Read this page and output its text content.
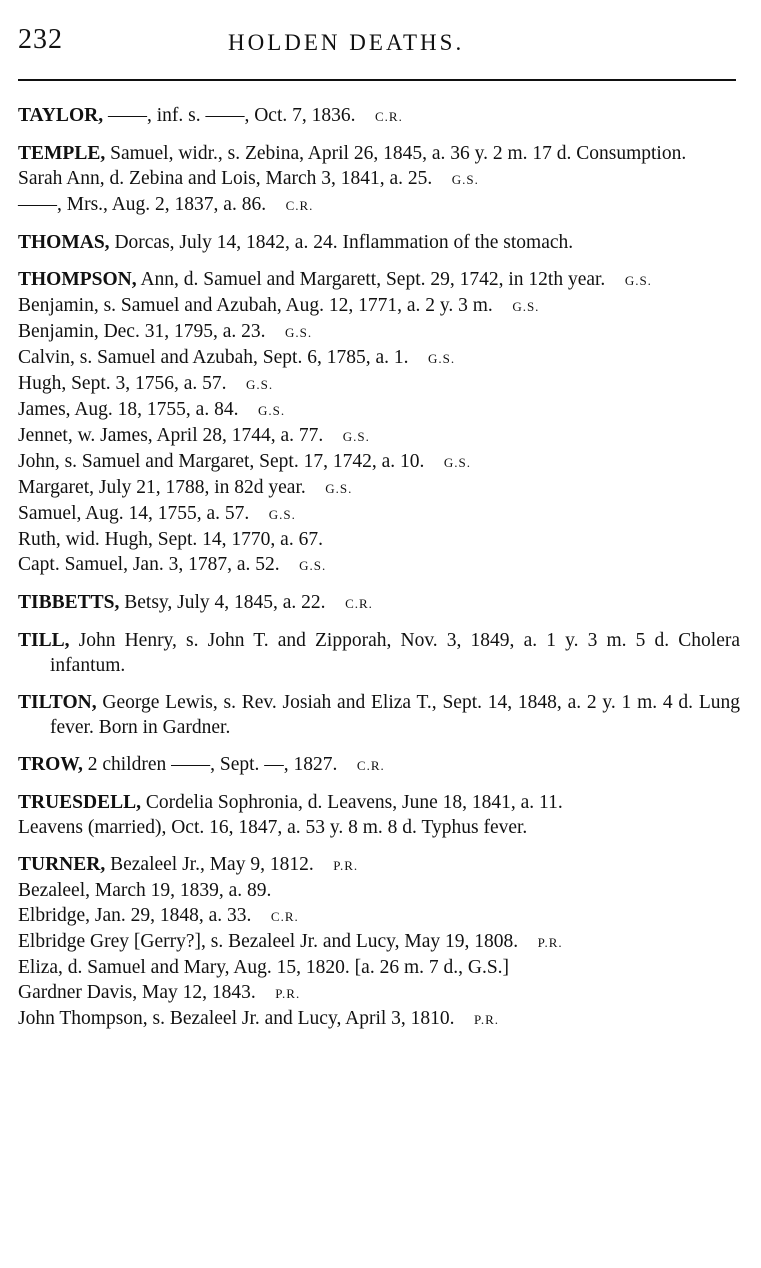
232	HOLDEN DEATHS.
TAYLOR, ——, inf. s. ——, Oct. 7, 1836.  C.R.
TEMPLE, Samuel, widr., s. Zebina, April 26, 1845, a. 36 y. 2 m. 17 d. Consumption.
Sarah Ann, d. Zebina and Lois, March 3, 1841, a. 25.  G.S.
——, Mrs., Aug. 2, 1837, a. 86.  C.R.
THOMAS, Dorcas, July 14, 1842, a. 24. Inflammation of the stomach.
THOMPSON, Ann, d. Samuel and Margarett, Sept. 29, 1742, in 12th year.  G.S.
Benjamin, s. Samuel and Azubah, Aug. 12, 1771, a. 2 y. 3 m.  G.S.
Benjamin, Dec. 31, 1795, a. 23.  G.S.
Calvin, s. Samuel and Azubah, Sept. 6, 1785, a. 1.  G.S.
Hugh, Sept. 3, 1756, a. 57.  G.S.
James, Aug. 18, 1755, a. 84.  G.S.
Jennet, w. James, April 28, 1744, a. 77.  G.S.
John, s. Samuel and Margaret, Sept. 17, 1742, a. 10.  G.S.
Margaret, July 21, 1788, in 82d year.  G.S.
Samuel, Aug. 14, 1755, a. 57.  G.S.
Ruth, wid. Hugh, Sept. 14, 1770, a. 67.
Capt. Samuel, Jan. 3, 1787, a. 52.  G.S.
TIBBETTS, Betsy, July 4, 1845, a. 22.  C.R.
TILL, John Henry, s. John T. and Zipporah, Nov. 3, 1849, a. 1 y. 3 m. 5 d. Cholera infantum.
TILTON, George Lewis, s. Rev. Josiah and Eliza T., Sept. 14, 1848, a. 2 y. 1 m. 4 d. Lung fever. Born in Gardner.
TROW, 2 children ——, Sept. —, 1827.  C.R.
TRUESDELL, Cordelia Sophronia, d. Leavens, June 18, 1841, a. 11.
Leavens (married), Oct. 16, 1847, a. 53 y. 8 m. 8 d. Typhus fever.
TURNER, Bezaleel Jr., May 9, 1812.  P.R.
Bezaleel, March 19, 1839, a. 89.
Elbridge, Jan. 29, 1848, a. 33.  C.R.
Elbridge Grey [Gerry?], s. Bezaleel Jr. and Lucy, May 19, 1808.  P.R.
Eliza, d. Samuel and Mary, Aug. 15, 1820. [a. 26 m. 7 d., G.S.]
Gardner Davis, May 12, 1843.  P.R.
John Thompson, s. Bezaleel Jr. and Lucy, April 3, 1810.  P.R.
